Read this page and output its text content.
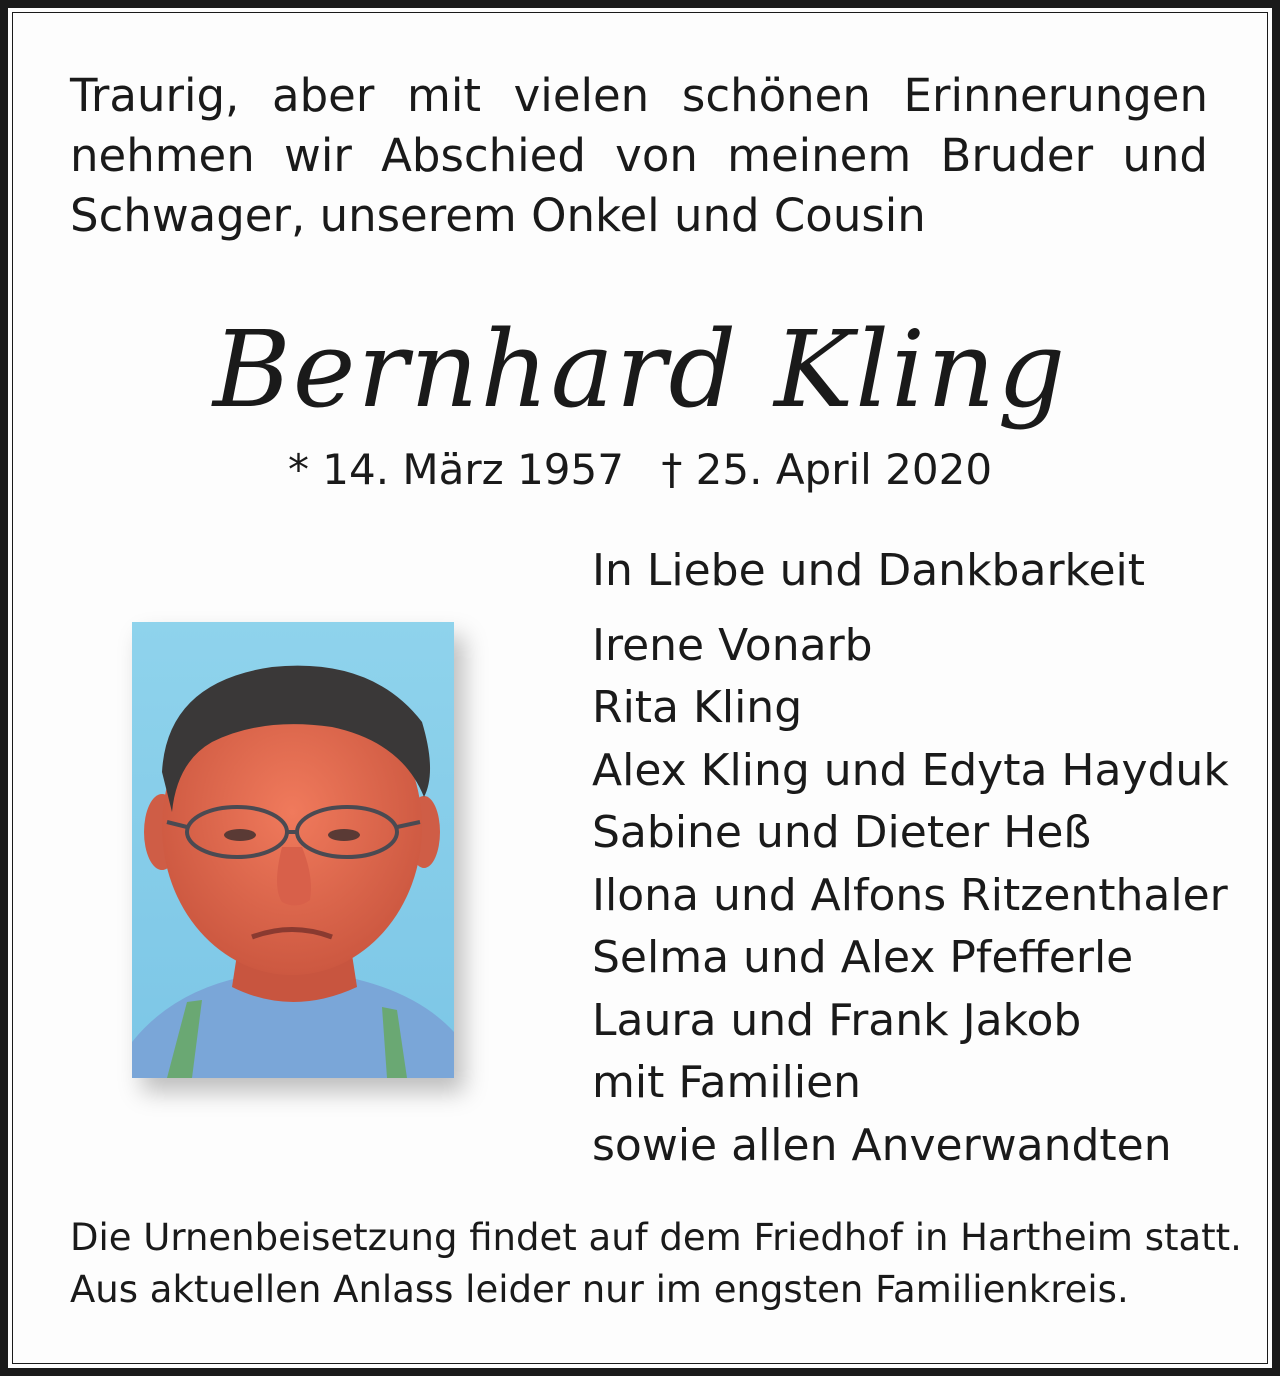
Traurig, aber mit vielen schönen Erinnerungen nehmen wir Abschied von meinem Bruder und Schwager, unserem Onkel und Cousin

Bernhard Kling
* 14. März 1957 † 25. April 2020
In Liebe und Dankbarkeit
Irene Vonarb
Rita Kling
Alex Kling und Edyta Hayduk
Sabine und Dieter Heß
Ilona und Alfons Ritzenthaler
Selma und Alex Pfefferle
Laura und Frank Jakob
mit Familien
sowie allen Anverwandten

Die Urnenbeisetzung findet auf dem Friedhof in Hartheim statt.

Aus aktuellen Anlass leider nur im engsten Familienkreis.
